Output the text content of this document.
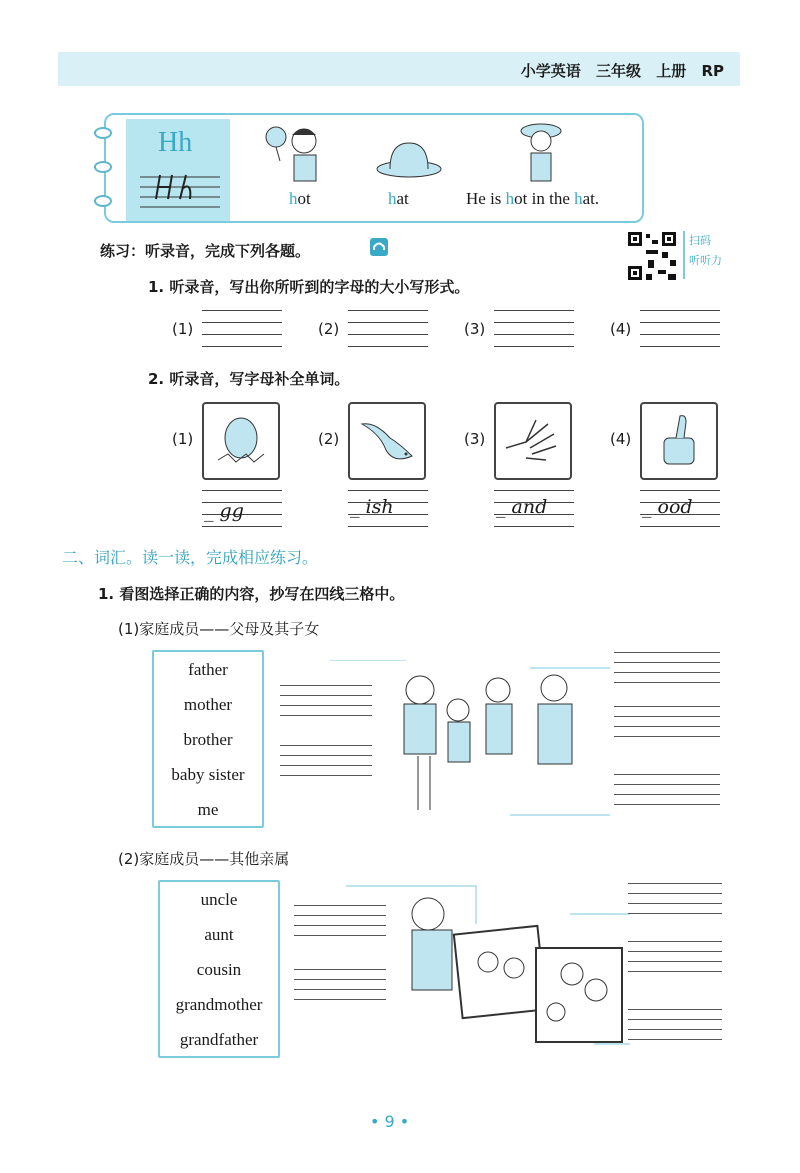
小学英语 三年级 上册 RP
Hh
hot	hat	He is hot in the hat.
练习：听录音，完成下列各题。
扫码
听听力
1. 听录音，写出你所听到的字母的大小写形式。
(1)	(2)	(3)	(4)
2. 听录音，写字母补全单词。
(1)	(2)	(3)	(4)
_ gg	_ ish	_ and	_ ood
二、词汇。读一读，完成相应练习。
1. 看图选择正确的内容，抄写在四线三格中。
(1)家庭成员——父母及其子女
father
mother
brother
baby sister
me
(2)家庭成员——其他亲属
uncle
aunt
cousin
grandmother
grandfather
• 9 •
